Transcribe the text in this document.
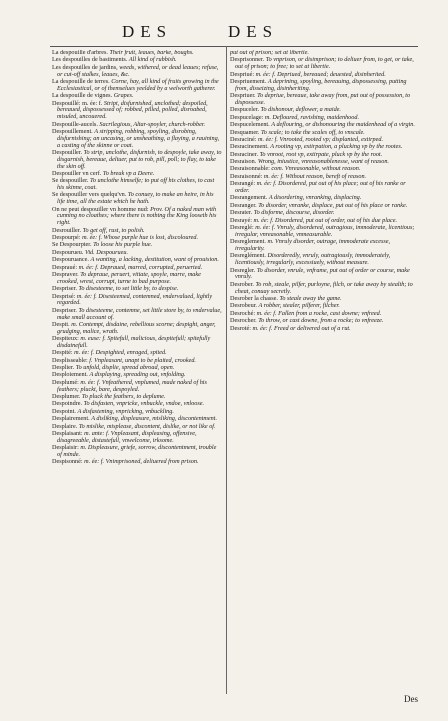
DES	DES

La despouille d'arbres. Their fruit, leaues, barke, boughs.

Les despouilles de bastiments. All kind of rubbish.

Les despouilles de jardins, weeds, withered, or dead leaues; refuse, or cut-off stalkes, leaues, &c.

La despouille de terres. Corne, hay, all kind of fruits growing in the Ecclesiastical, or of themselues yeelded by a welworth gatherer.

La despouille de vignes. Grapes.

Despouillé: m. ée: f. Stript, disfurnished, unclothed; despoiled, bereaued, dispossessed of; robbed, pilled, polled, disroabed, misuled, uncouered.

Despouille-aucels. Sacrilegious, Altar-spoyler, church-robber.

Despouillement. A stripping, robbing, spoyling, disrobing, disfurnishing; an uncasing, or unsheathing, a flaying, a rauining, a casting of the skinne or coat.

Despouiller. To strip, unclothe, disfurnish, to despoyle, take away, to disgarnish, bereaue, deliuer, put to rob, pill, poll; to flay, to take the skin off.

Despouiller vn cerf. To break vp a Deere.

Se despouiller. To unclothe himselfe; to put off his clothes, to cast his skinne, coat.

Se despouiller vers quelqu'vn. To conuey, to make an heire, in his life time, all the estate which he hath.

On ne peut despouiller vn homme nud: Prov. Of a naked man with cunning no cloathes; where there is nothing the King looseth his right.

Desrouiller. To get off, rust, to polish.

Despourpé: m. ée: f. Whose purple hue is lost, discoloured.

Se Despourpter. To loose his purple hue.

Despourueu. Vid. Despourueu.

Despouruance. A wanting, a lacking, destitution, want of prouision.

Despraué: m. ée: f. Depraued, marred, corrupted, peruerted.

Despraver. To depraue, peruert, vitiate, spoyle, marre, make crooked, wrest, corrupt, turne to bad purpose.

Despriser. To disesteeme, to set little by, to despise.

Desprisé: m. ée: f. Disesteemed, contemned, vndervalued, lightly regarded.

Despriser. To disesteeme, contemne, set little store by, to vndervalue, make small account of.

Despit. m. Contempt, disdaine, rebellious scorne; despight, anger, grudging, malice, wrath.

Despiteux: m. euse: f. Spitefull, malicious, despitefull; spitefully disdainefull.

Despité: m. ée: f. Despighted, enraged, spited.

Desplisseable: f. Vnpleasant, unapt to be plaited, crooked.

Desplier. To unfold, displie, spread abroad, open.

Desploiement. A displaying, spreading out, vnfolding.

Desplumé: m. ée: f. Vnfeathered, vnplumed, made naked of his feathers; pluckt, bare, despoyled.

Desplumer. To pluck the feathers, to deplume.

Despoindre. To disfasten, vnpricke, vnbuckle, vndoe, vnloose.

Despoint. A disfastening, vnpricking, vnbuckling.

Desplairement. A disliking, displeasure, misliking, discontentment.

Desplaire. To mislike, misplease, discontent, dislike, or not like of.

Desplaisant: m. ante: f. Vnpleasant, displeasing, offensive, disagreeable, distastefull, vnwelcome, irksome.

Desplaisir: m. Displeasure, griefe, sorrow, discontentment, trouble of minde.

Despisonné: m. ée: f. Vnimprisoned, deliuered from prison.

put out of prison; set at libertie.

Desprisonner. To vnprison, or disimprison; to deliuer from, to get, or take, out of prison; to free; to set at libertie.

Despriué: m. ée: f. Depriued, bereaued; deuested, disinherited.

Despriuement. A deprining, spoyling, bereauing, dispossessing, putting from, disseizing, disinheriting.

Despriuer. To depriue, bereaue, take away from, put out of possession, to dispossesse.

Despuceler. To dishonour, deflower, a maide.

Despucelage: m. Defloured, ravishing, maidenhood.

Despucelement. A deflouring, or dishonouring the maidenhead of a virgin.

Desquamer. To scale; to take the scales off, to vnscale.

Desraciné: m. ée: f. Vnrooted, rooted vp; displanted, extirped.

Desracinement. A rooting vp, extirpation, a plucking vp by the rootes.

Desraciner. To vnroot, root vp, extirpate, pluck vp by the root.

Desraison. Wrong, iniustice, vnreasonablenesse, want of reason.

Desraisonnable: com. Vnreasonable, without reason.

Desraisonné: m. ée: f. Without reason, bereft of reason.

Desrangé: m. ée: f. Disordered, put out of his place; out of his ranke or order.

Desrangement. A disordering, vnranking, displacing.

Desranger. To disorder, vnranke, displace, put out of his place or ranke.

Desrater. To disforme, discourse, disorder.

Desrayé: m. ée: f. Disordered, put out of order, out of his due place.

Desreglé: m. ée: f. Vnruly, disordered, outragious, immoderate, licentious; irregular, vnreasonable, vnmeasurable.

Desreglement. m. Vnruly disorder, outrage, immoderate excesse, irregularity.

Desreglément. Disorderedly, vnruly, outragiously, immoderately, licentiously, irregularly, excessiuely, without measure.

Desregler. To disorder, vnrule, vnframe, put out of order or course, make vnruly.

Desrober. To rob, steale, pilfer, purloyne, filch, or take away by stealth; to cheat, conuay secretly.

Desrober la chasse. To steale away the game.

Desrobeur. A robber, stealer, pilferer, filcher.

Desroché: m. ée: f. Fallen from a rocke, cast downe; vnfreed.

Desrocher. To throw, or cast downe, from a rocke; to vnfreeze.

Desroté: m. ée: f. Freed or delivered out of a rut.

Des
